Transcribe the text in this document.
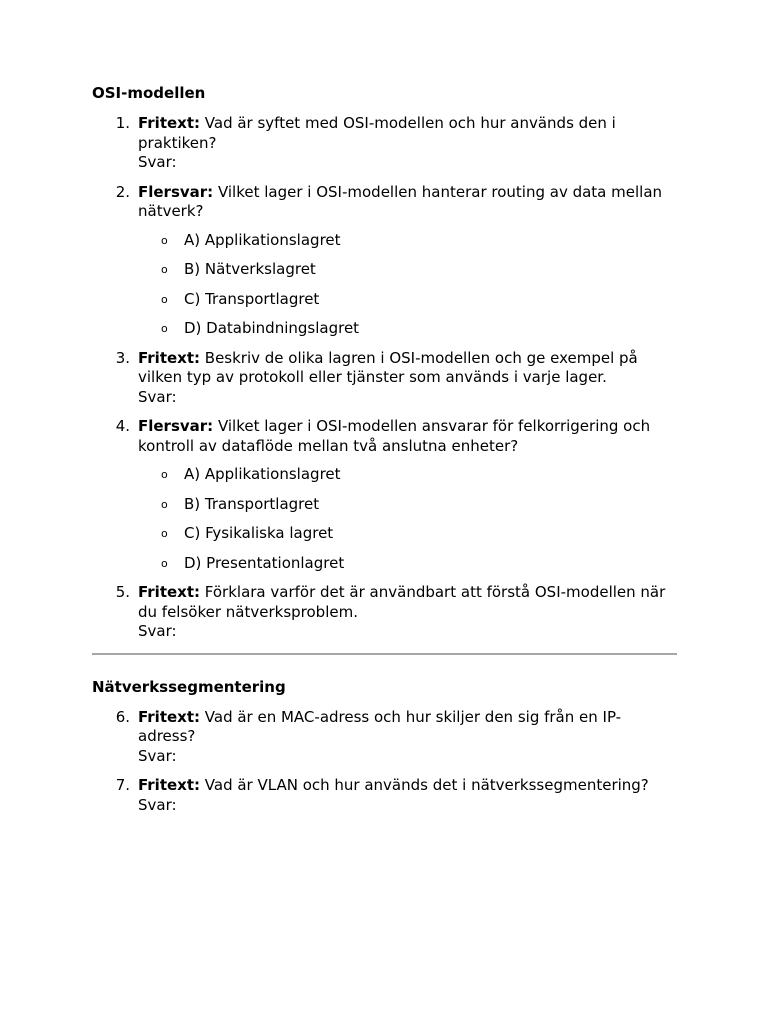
OSI-modellen
1. Fritext: Vad är syftet med OSI-modellen och hur används den i praktiken?
Svar:
2. Flersvar: Vilket lager i OSI-modellen hanterar routing av data mellan nätverk?
o A) Applikationslagret
o B) Nätverkslagret
o C) Transportlagret
o D) Databindningslagret
3. Fritext: Beskriv de olika lagren i OSI-modellen och ge exempel på vilken typ av protokoll eller tjänster som används i varje lager.
Svar:
4. Flersvar: Vilket lager i OSI-modellen ansvarar för felkorrigering och kontroll av dataflöde mellan två anslutna enheter?
o A) Applikationslagret
o B) Transportlagret
o C) Fysikaliska lagret
o D) Presentationlagret
5. Fritext: Förklara varför det är användbart att förstå OSI-modellen när du felsöker nätverksproblem.
Svar:
Nätverkssegmentering
6. Fritext: Vad är en MAC-adress och hur skiljer den sig från en IP-adress?
Svar:
7. Fritext: Vad är VLAN och hur används det i nätverkssegmentering?
Svar:
